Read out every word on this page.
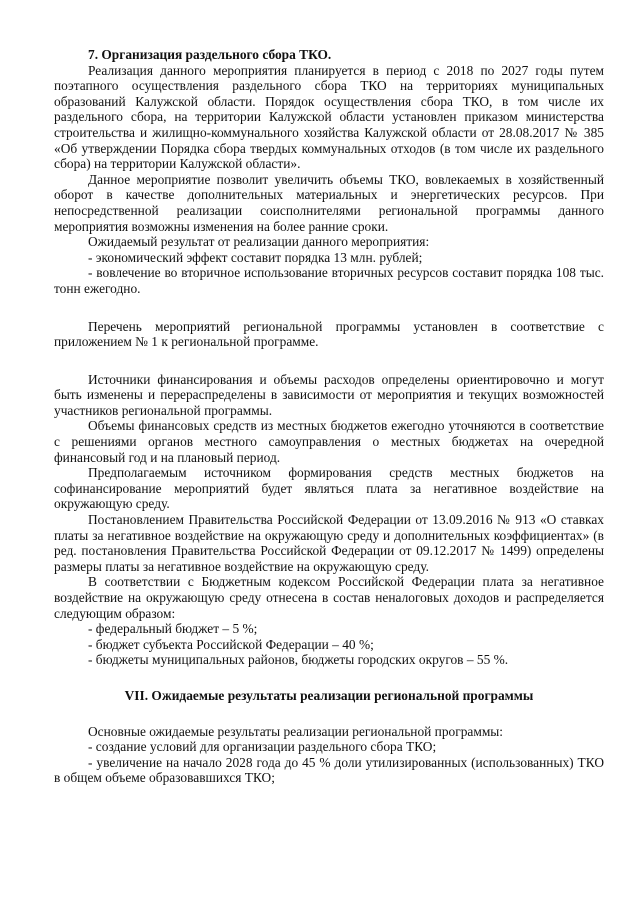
7. Организация раздельного сбора ТКО.

Реализация данного мероприятия планируется в период с 2018 по 2027 годы путем поэтапного осуществления раздельного сбора ТКО на территориях муниципальных образований Калужской области. Порядок осуществления сбора ТКО, в том числе их раздельного сбора, на территории Калужской области установлен приказом министерства строительства и жилищно-коммунального хозяйства Калужской области от 28.08.2017 № 385 «Об утверждении Порядка сбора твердых коммунальных отходов (в том числе их раздельного сбора) на территории Калужской области».

Данное мероприятие позволит увеличить объемы ТКО, вовлекаемых в хозяйственный оборот в качестве дополнительных материальных и энергетических ресурсов. При непосредственной реализации соисполнителями региональной программы данного мероприятия возможны изменения на более ранние сроки.

Ожидаемый результат от реализации данного мероприятия:

- экономический эффект составит порядка 13 млн. рублей;

- вовлечение во вторичное использование вторичных ресурсов составит порядка 108 тыс. тонн ежегодно.

Перечень мероприятий региональной программы установлен в соответствие с приложением № 1 к региональной программе.

Источники финансирования и объемы расходов определены ориентировочно и могут быть изменены и перераспределены в зависимости от мероприятия и текущих возможностей участников региональной программы.

Объемы финансовых средств из местных бюджетов ежегодно уточняются в соответствие с решениями органов местного самоуправления о местных бюджетах на очередной финансовый год и на плановый период.

Предполагаемым источником формирования средств местных бюджетов на софинансирование мероприятий будет являться плата за негативное воздействие на окружающую среду.

Постановлением Правительства Российской Федерации от 13.09.2016 № 913 «О ставках платы за негативное воздействие на окружающую среду и дополнительных коэффициентах» (в ред. постановления Правительства Российской Федерации от 09.12.2017 № 1499) определены размеры платы за негативное воздействие на окружающую среду.

В соответствии с Бюджетным кодексом Российской Федерации плата за негативное воздействие на окружающую среду отнесена в состав неналоговых доходов и распределяется следующим образом:

- федеральный бюджет – 5 %;

- бюджет субъекта Российской Федерации – 40 %;

- бюджеты муниципальных районов, бюджеты городских округов – 55 %.

VII. Ожидаемые результаты реализации региональной программы

Основные ожидаемые результаты реализации региональной программы:

- создание условий для организации раздельного сбора ТКО;

- увеличение на начало 2028 года до 45 % доли утилизированных (использованных) ТКО в общем объеме образовавшихся ТКО;
